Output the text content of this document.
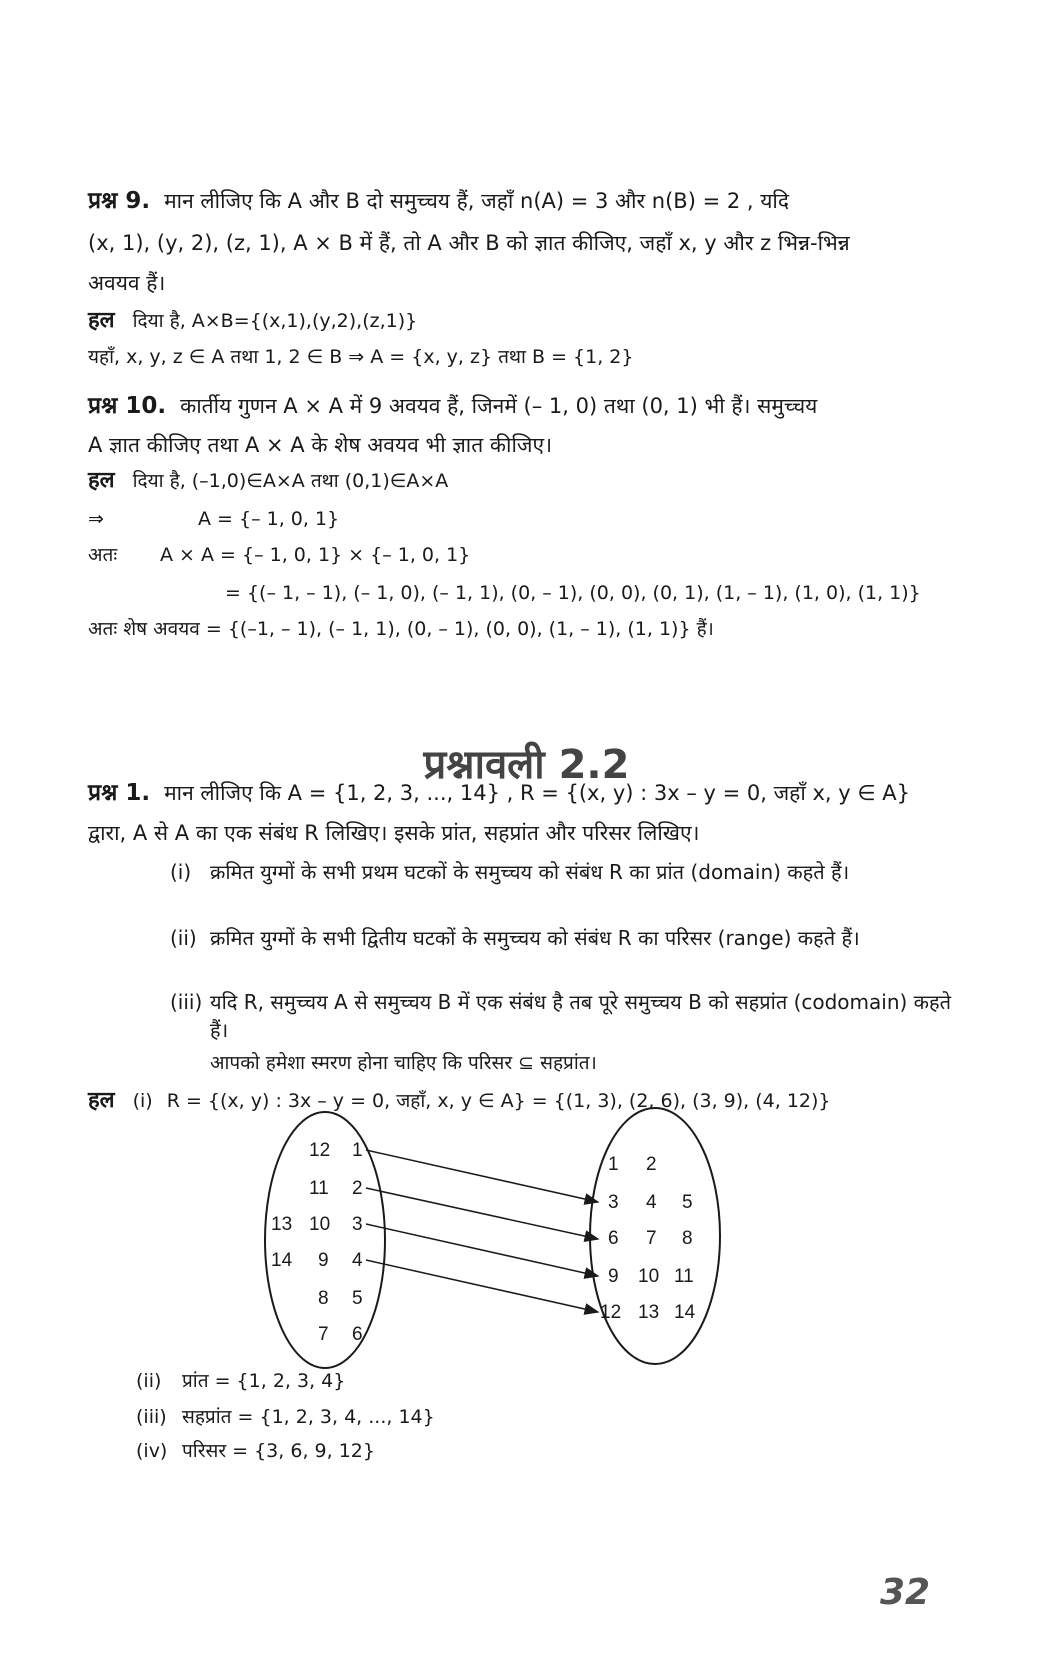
प्रश्न 9. मान लीजिए कि A और B दो समुच्चय हैं, जहाँ n(A) = 3 और n(B) = 2 , यदि
(x, 1), (y, 2), (z, 1), A × B में हैं, तो A और B को ज्ञात कीजिए, जहाँ x, y और z भिन्न-भिन्न
अवयव हैं।
हल दिया है, A×B={(x,1),(y,2),(z,1)}
यहाँ, x, y, z ∈ A तथा 1, 2 ∈ B ⇒ A = {x, y, z} तथा B = {1, 2}
प्रश्न 10. कार्तीय गुणन A × A में 9 अवयव हैं, जिनमें (– 1, 0) तथा (0, 1) भी हैं। समुच्चय
A ज्ञात कीजिए तथा A × A के शेष अवयव भी ज्ञात कीजिए।
हल दिया है, (–1,0)∈A×A तथा (0,1)∈A×A
⇒	A = {– 1, 0, 1}
अतः A × A = {– 1, 0, 1} × {– 1, 0, 1}
= {(– 1, – 1), (– 1, 0), (– 1, 1), (0, – 1), (0, 0), (0, 1), (1, – 1), (1, 0), (1, 1)}
अतः शेष अवयव = {(–1, – 1), (– 1, 1), (0, – 1), (0, 0), (1, – 1), (1, 1)} हैं।
प्रश्नावली 2.2
प्रश्न 1. मान लीजिए कि A = {1, 2, 3, ..., 14} , R = {(x, y) : 3x – y = 0, जहाँ x, y ∈ A}
द्वारा, A से A का एक संबंध R लिखिए। इसके प्रांत, सहप्रांत और परिसर लिखिए।
(i) क्रमित युग्मों के सभी प्रथम घटकों के समुच्चय को संबंध R का प्रांत (domain) कहते हैं।
(ii) क्रमित युग्मों के सभी द्वितीय घटकों के समुच्चय को संबंध R का परिसर (range) कहते हैं।
(iii) यदि R, समुच्चय A से समुच्चय B में एक संबंध है तब पूरे समुच्चय B को सहप्रांत (codomain) कहते हैं।
आपको हमेशा स्मरण होना चाहिए कि परिसर ⊆ सहप्रांत।
हल (i) R = {(x, y) : 3x – y = 0, जहाँ, x, y ∈ A} = {(1, 3), (2, 6), (3, 9), (4, 12)}
12 1
11 2
13 10 3
14 9 4
8 5
7 6
1 2
3 4 5
6 7 8
9 10 11
12 13 14
(ii) प्रांत = {1, 2, 3, 4}
(iii) सहप्रांत = {1, 2, 3, 4, ..., 14}
(iv) परिसर = {3, 6, 9, 12}
32
